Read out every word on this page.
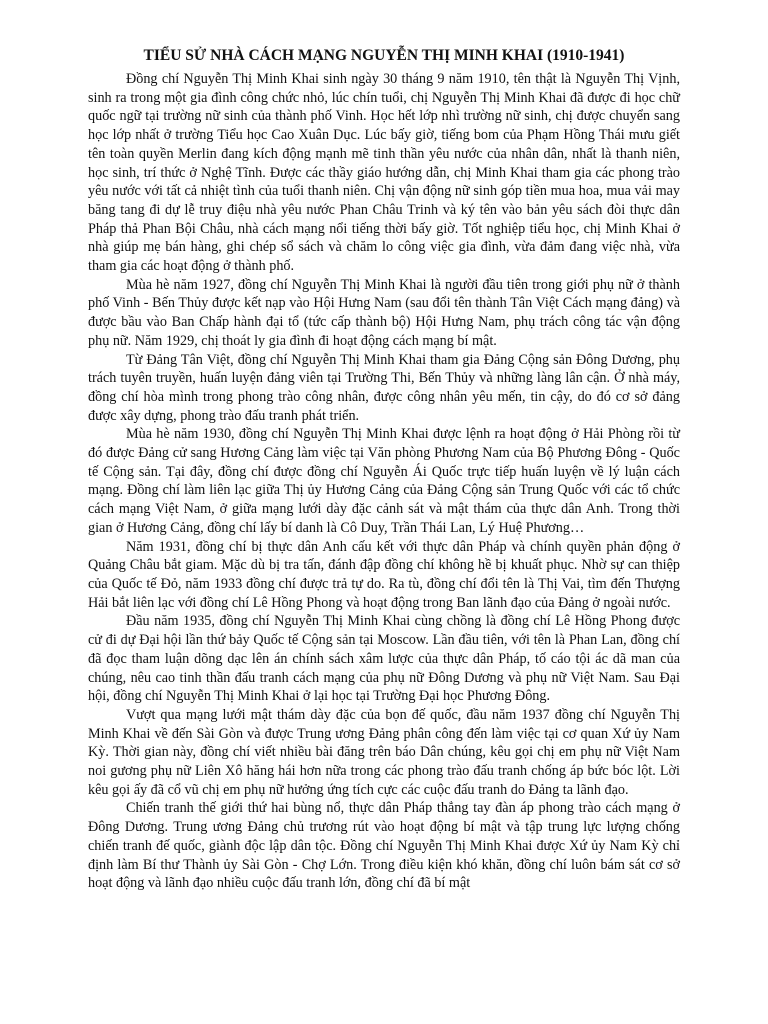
TIỂU SỬ NHÀ CÁCH MẠNG NGUYỄN THỊ MINH KHAI (1910-1941)

Đồng chí Nguyễn Thị Minh Khai sinh ngày 30 tháng 9 năm 1910, tên thật là Nguyễn Thị Vịnh, sinh ra trong một gia đình công chức nhỏ, lúc chín tuổi, chị Nguyễn Thị Minh Khai đã được đi học chữ quốc ngữ tại trường nữ sinh của thành phố Vinh. Học hết lớp nhì trường nữ sinh, chị được chuyển sang học lớp nhất ở trường Tiểu học Cao Xuân Dục. Lúc bấy giờ, tiếng bom của Phạm Hồng Thái mưu giết tên toàn quyền Merlin đang kích động mạnh mẽ tinh thần yêu nước của nhân dân, nhất là thanh niên, học sinh, trí thức ở Nghệ Tĩnh. Được các thầy giáo hướng dẫn, chị Minh Khai tham gia các phong trào yêu nước với tất cả nhiệt tình của tuổi thanh niên. Chị vận động nữ sinh góp tiền mua hoa, mua vải may băng tang đi dự lễ truy điệu nhà yêu nước Phan Châu Trinh và ký tên vào bản yêu sách đòi thực dân Pháp thả Phan Bội Châu, nhà cách mạng nổi tiếng thời bấy giờ. Tốt nghiệp tiểu học, chị Minh Khai ở nhà giúp mẹ bán hàng, ghi chép sổ sách và chăm lo công việc gia đình, vừa đảm đang việc nhà, vừa tham gia các hoạt động ở thành phố.

Mùa hè năm 1927, đồng chí Nguyễn Thị Minh Khai là người đầu tiên trong giới phụ nữ ở thành phố Vinh - Bến Thủy được kết nạp vào Hội Hưng Nam (sau đổi tên thành Tân Việt Cách mạng đảng) và được bầu vào Ban Chấp hành đại tổ (tức cấp thành bộ) Hội Hưng Nam, phụ trách công tác vận động phụ nữ. Năm 1929, chị thoát ly gia đình đi hoạt động cách mạng bí mật.

Từ Đảng Tân Việt, đồng chí Nguyễn Thị Minh Khai tham gia Đảng Cộng sản Đông Dương, phụ trách tuyên truyền, huấn luyện đảng viên tại Trường Thi, Bến Thủy và những làng lân cận. Ở nhà máy, đồng chí hòa mình trong phong trào công nhân, được công nhân yêu mến, tin cậy, do đó cơ sở đảng được xây dựng, phong trào đấu tranh phát triển.

Mùa hè năm 1930, đồng chí Nguyễn Thị Minh Khai được lệnh ra hoạt động ở Hải Phòng rồi từ đó được Đảng cử sang Hương Cảng làm việc tại Văn phòng Phương Nam của Bộ Phương Đông - Quốc tế Cộng sản. Tại đây, đồng chí được đồng chí Nguyễn Ái Quốc trực tiếp huấn luyện về lý luận cách mạng. Đồng chí làm liên lạc giữa Thị ủy Hương Cảng của Đảng Cộng sản Trung Quốc với các tổ chức cách mạng Việt Nam, ở giữa mạng lưới dày đặc cảnh sát và mật thám của thực dân Anh. Trong thời gian ở Hương Cảng, đồng chí lấy bí danh là Cô Duy, Trần Thái Lan, Lý Huệ Phương…

Năm 1931, đồng chí bị thực dân Anh cấu kết với thực dân Pháp và chính quyền phản động ở Quảng Châu bắt giam. Mặc dù bị tra tấn, đánh đập đồng chí không hề bị khuất phục. Nhờ sự can thiệp của Quốc tế Đỏ, năm 1933 đồng chí được trả tự do. Ra tù, đồng chí đổi tên là Thị Vai, tìm đến Thượng Hải bắt liên lạc với đồng chí Lê Hồng Phong và hoạt động trong Ban lãnh đạo của Đảng ở ngoài nước.

Đầu năm 1935, đồng chí Nguyễn Thị Minh Khai cùng chồng là đồng chí Lê Hồng Phong được cử đi dự Đại hội lần thứ bảy Quốc tế Cộng sản tại Moscow. Lần đầu tiên, với tên là Phan Lan, đồng chí đã đọc tham luận dõng dạc lên án chính sách xâm lược của thực dân Pháp, tố cáo tội ác dã man của chúng, nêu cao tinh thần đấu tranh cách mạng của phụ nữ Đông Dương và phụ nữ Việt Nam. Sau Đại hội, đồng chí Nguyễn Thị Minh Khai ở lại học tại Trường Đại học Phương Đông.

Vượt qua mạng lưới mật thám dày đặc của bọn đế quốc, đầu năm 1937 đồng chí Nguyễn Thị Minh Khai về đến Sài Gòn và được Trung ương Đảng phân công đến làm việc tại cơ quan Xứ ủy Nam Kỳ. Thời gian này, đồng chí viết nhiều bài đăng trên báo Dân chúng, kêu gọi chị em phụ nữ Việt Nam noi gương phụ nữ Liên Xô hăng hái hơn nữa trong các phong trào đấu tranh chống áp bức bóc lột. Lời kêu gọi ấy đã cổ vũ chị em phụ nữ hưởng ứng tích cực các cuộc đấu tranh do Đảng ta lãnh đạo.

Chiến tranh thế giới thứ hai bùng nổ, thực dân Pháp thẳng tay đàn áp phong trào cách mạng ở Đông Dương. Trung ương Đảng chủ trương rút vào hoạt động bí mật và tập trung lực lượng chống chiến tranh đế quốc, giành độc lập dân tộc. Đồng chí Nguyễn Thị Minh Khai được Xứ ủy Nam Kỳ chỉ định làm Bí thư Thành ủy Sài Gòn - Chợ Lớn. Trong điều kiện khó khăn, đồng chí luôn bám sát cơ sở hoạt động và lãnh đạo nhiều cuộc đấu tranh lớn, đồng chí đã bí mật
